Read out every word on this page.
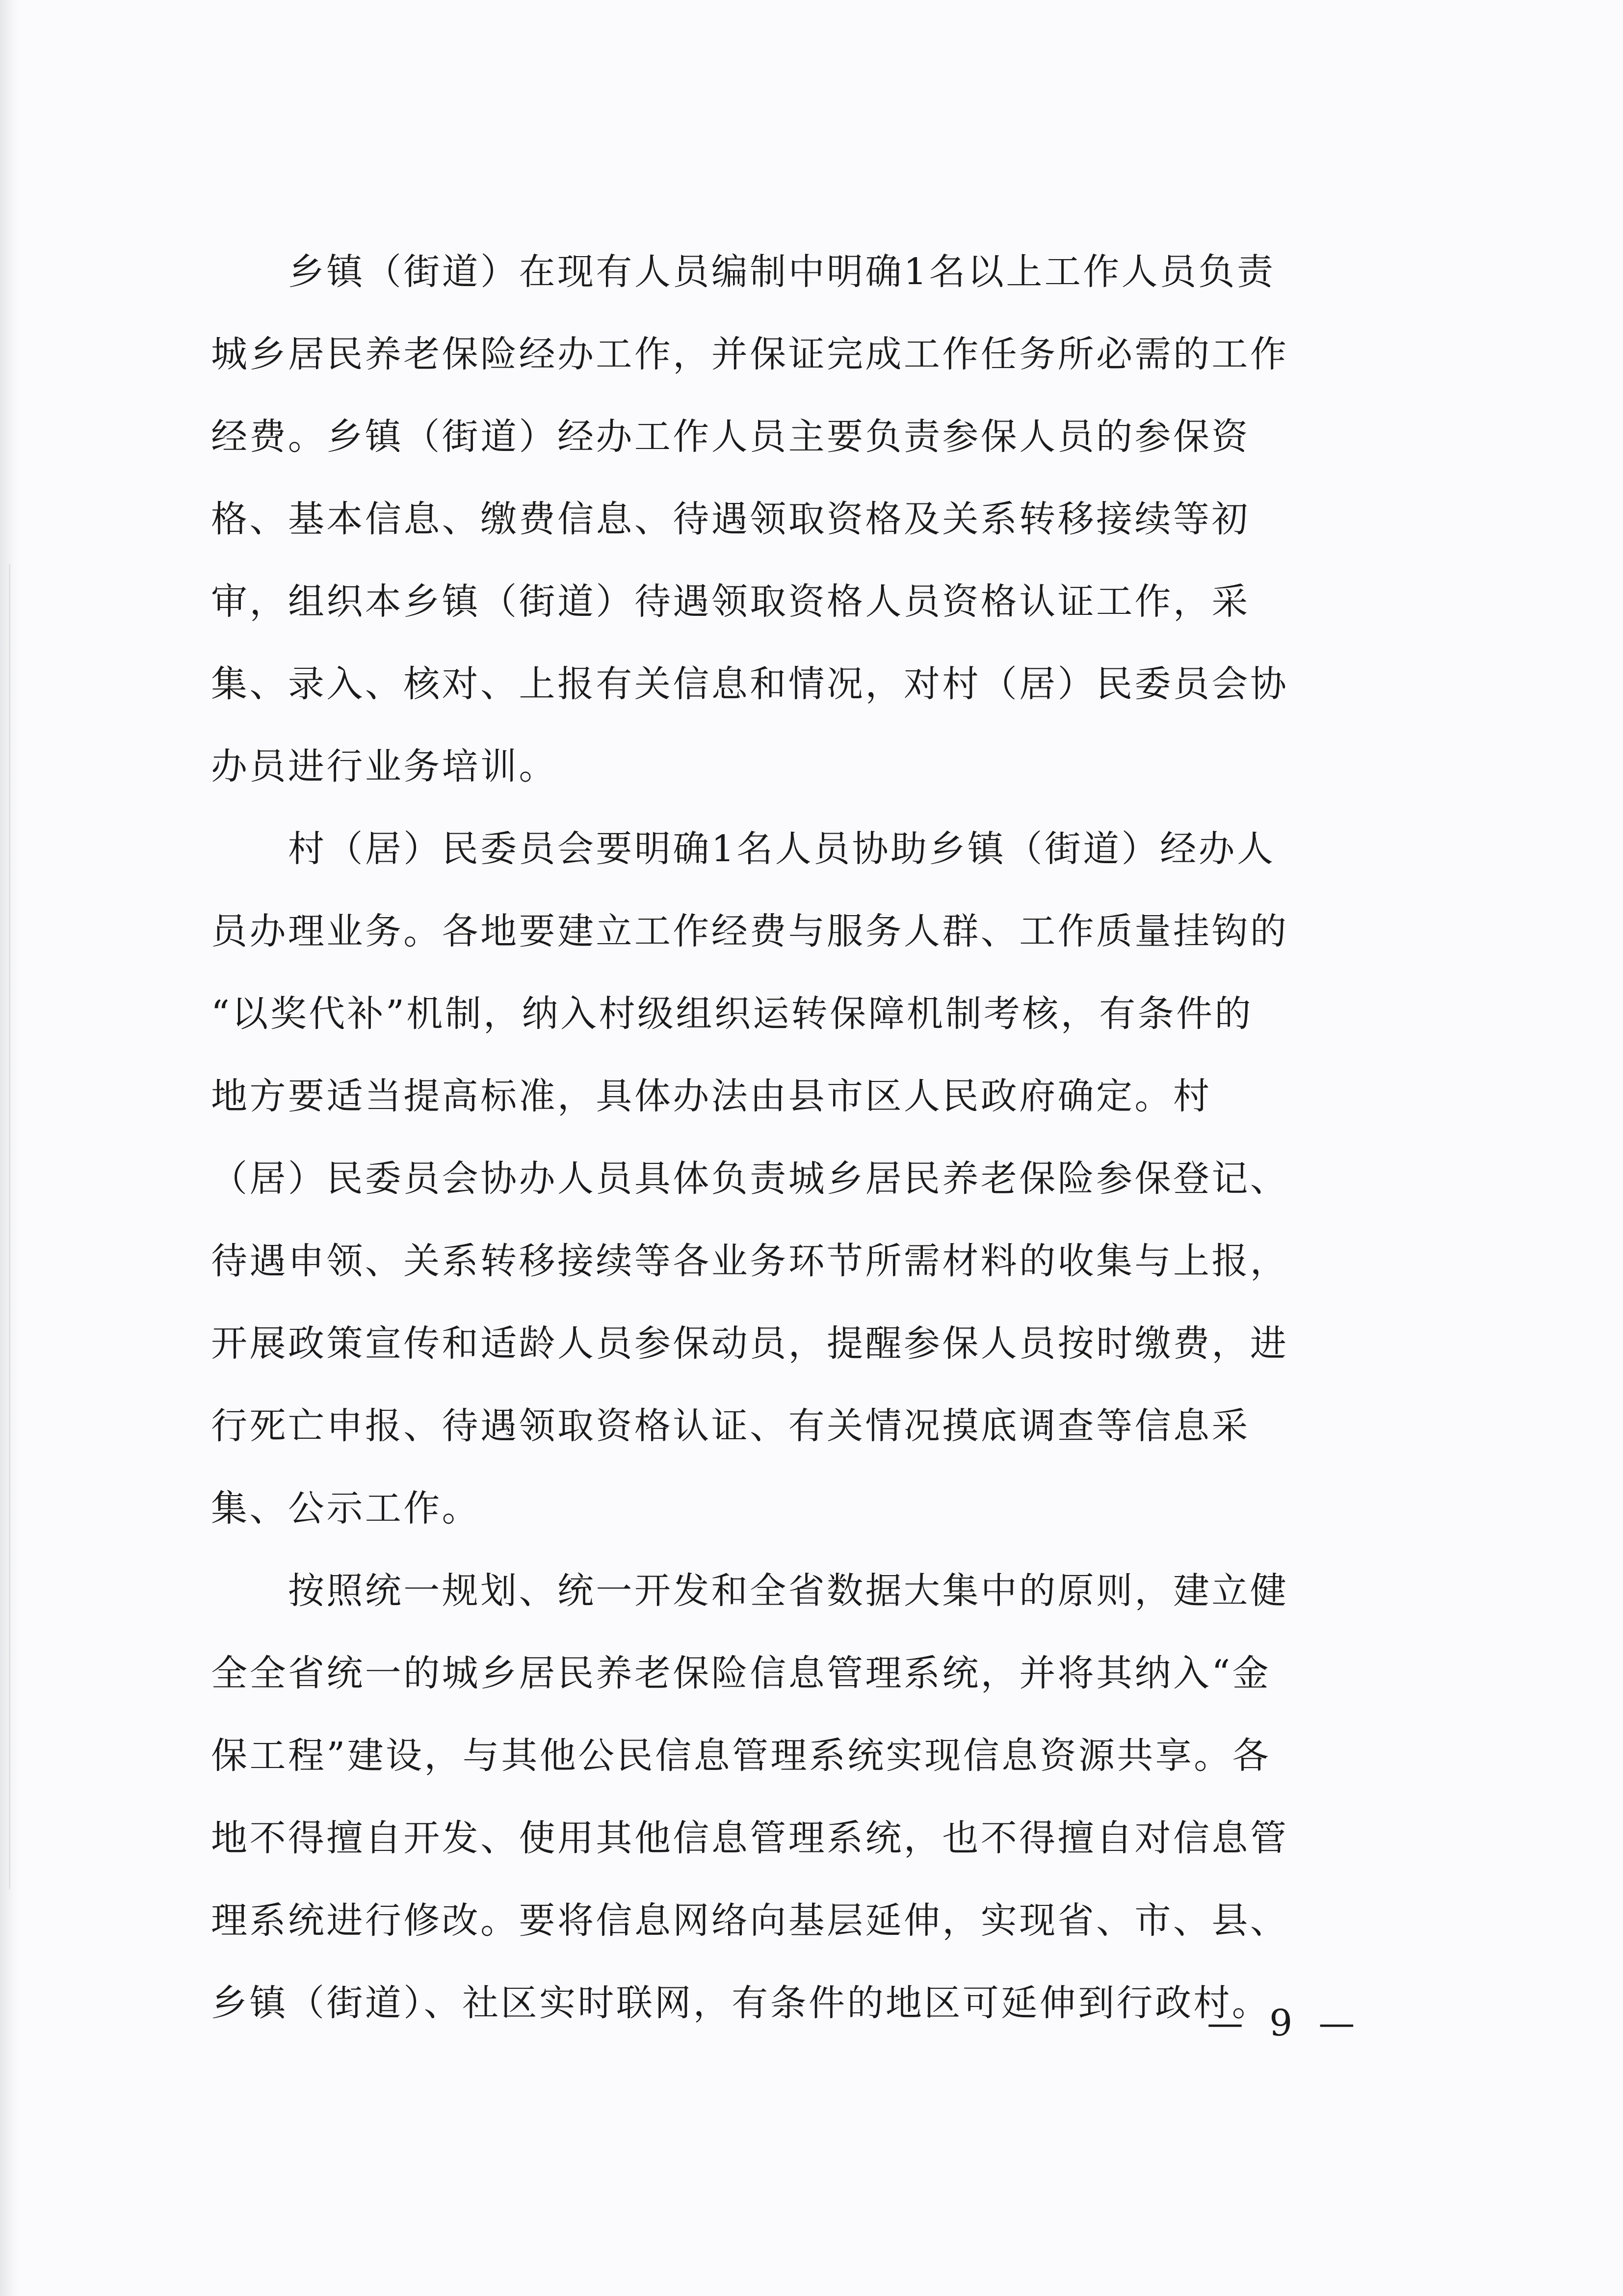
　　乡镇（街道）在现有人员编制中明确1名以上工作人员负责
城乡居民养老保险经办工作，并保证完成工作任务所必需的工作
经费。乡镇（街道）经办工作人员主要负责参保人员的参保资
格、基本信息、缴费信息、待遇领取资格及关系转移接续等初
审，组织本乡镇（街道）待遇领取资格人员资格认证工作，采
集、录入、核对、上报有关信息和情况，对村（居）民委员会协
办员进行业务培训。
　　村（居）民委员会要明确1名人员协助乡镇（街道）经办人
员办理业务。各地要建立工作经费与服务人群、工作质量挂钩的
“以奖代补”机制，纳入村级组织运转保障机制考核，有条件的
地方要适当提高标准，具体办法由县市区人民政府确定。村
（居）民委员会协办人员具体负责城乡居民养老保险参保登记、
待遇申领、关系转移接续等各业务环节所需材料的收集与上报，
开展政策宣传和适龄人员参保动员，提醒参保人员按时缴费，进
行死亡申报、待遇领取资格认证、有关情况摸底调查等信息采
集、公示工作。
　　按照统一规划、统一开发和全省数据大集中的原则，建立健
全全省统一的城乡居民养老保险信息管理系统，并将其纳入“金
保工程”建设，与其他公民信息管理系统实现信息资源共享。各
地不得擅自开发、使用其他信息管理系统，也不得擅自对信息管
理系统进行修改。要将信息网络向基层延伸，实现省、市、县、
乡镇（街道）、社区实时联网，有条件的地区可延伸到行政村。
— 9 —
